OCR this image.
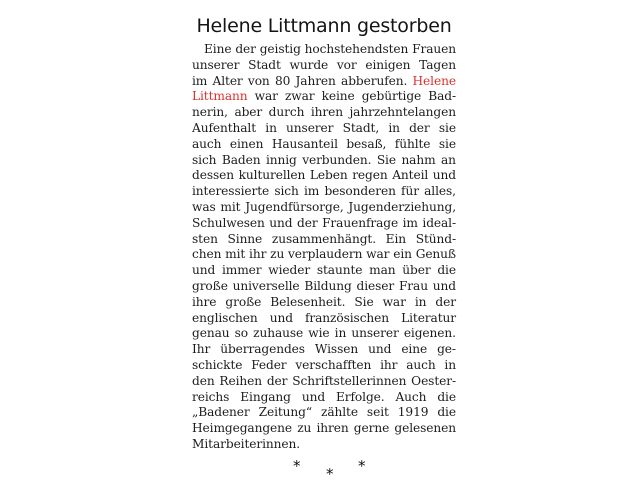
Helene Littmann gestorben
Eine der geistig hochstehendsten Frauen
unserer Stadt wurde vor einigen Tagen
im Alter von 80 Jahren abberufen. Helene
Littmann war zwar keine gebürtige Bad-
nerin, aber durch ihren jahrzehntelangen
Aufenthalt in unserer Stadt, in der sie
auch einen Hausanteil besaß, fühlte sie
sich Baden innig verbunden. Sie nahm an
dessen kulturellen Leben regen Anteil und
interessierte sich im besonderen für alles,
was mit Jugendfürsorge, Jugenderziehung,
Schulwesen und der Frauenfrage im ideal-
sten Sinne zusammenhängt. Ein Stünd-
chen mit ihr zu verplaudern war ein Genuß
und immer wieder staunte man über die
große universelle Bildung dieser Frau und
ihre große Belesenheit. Sie war in der
englischen und französischen Literatur
genau so zuhause wie in unserer eigenen.
Ihr überragendes Wissen und eine ge-
schickte Feder verschafften ihr auch in
den Reihen der Schriftstellerinnen Oester-
reichs Eingang und Erfolge. Auch die
„Badener Zeitung“ zählte seit 1919 die
Heimgegangene zu ihren gerne gelesenen
Mitarbeiterinnen.
* * *
